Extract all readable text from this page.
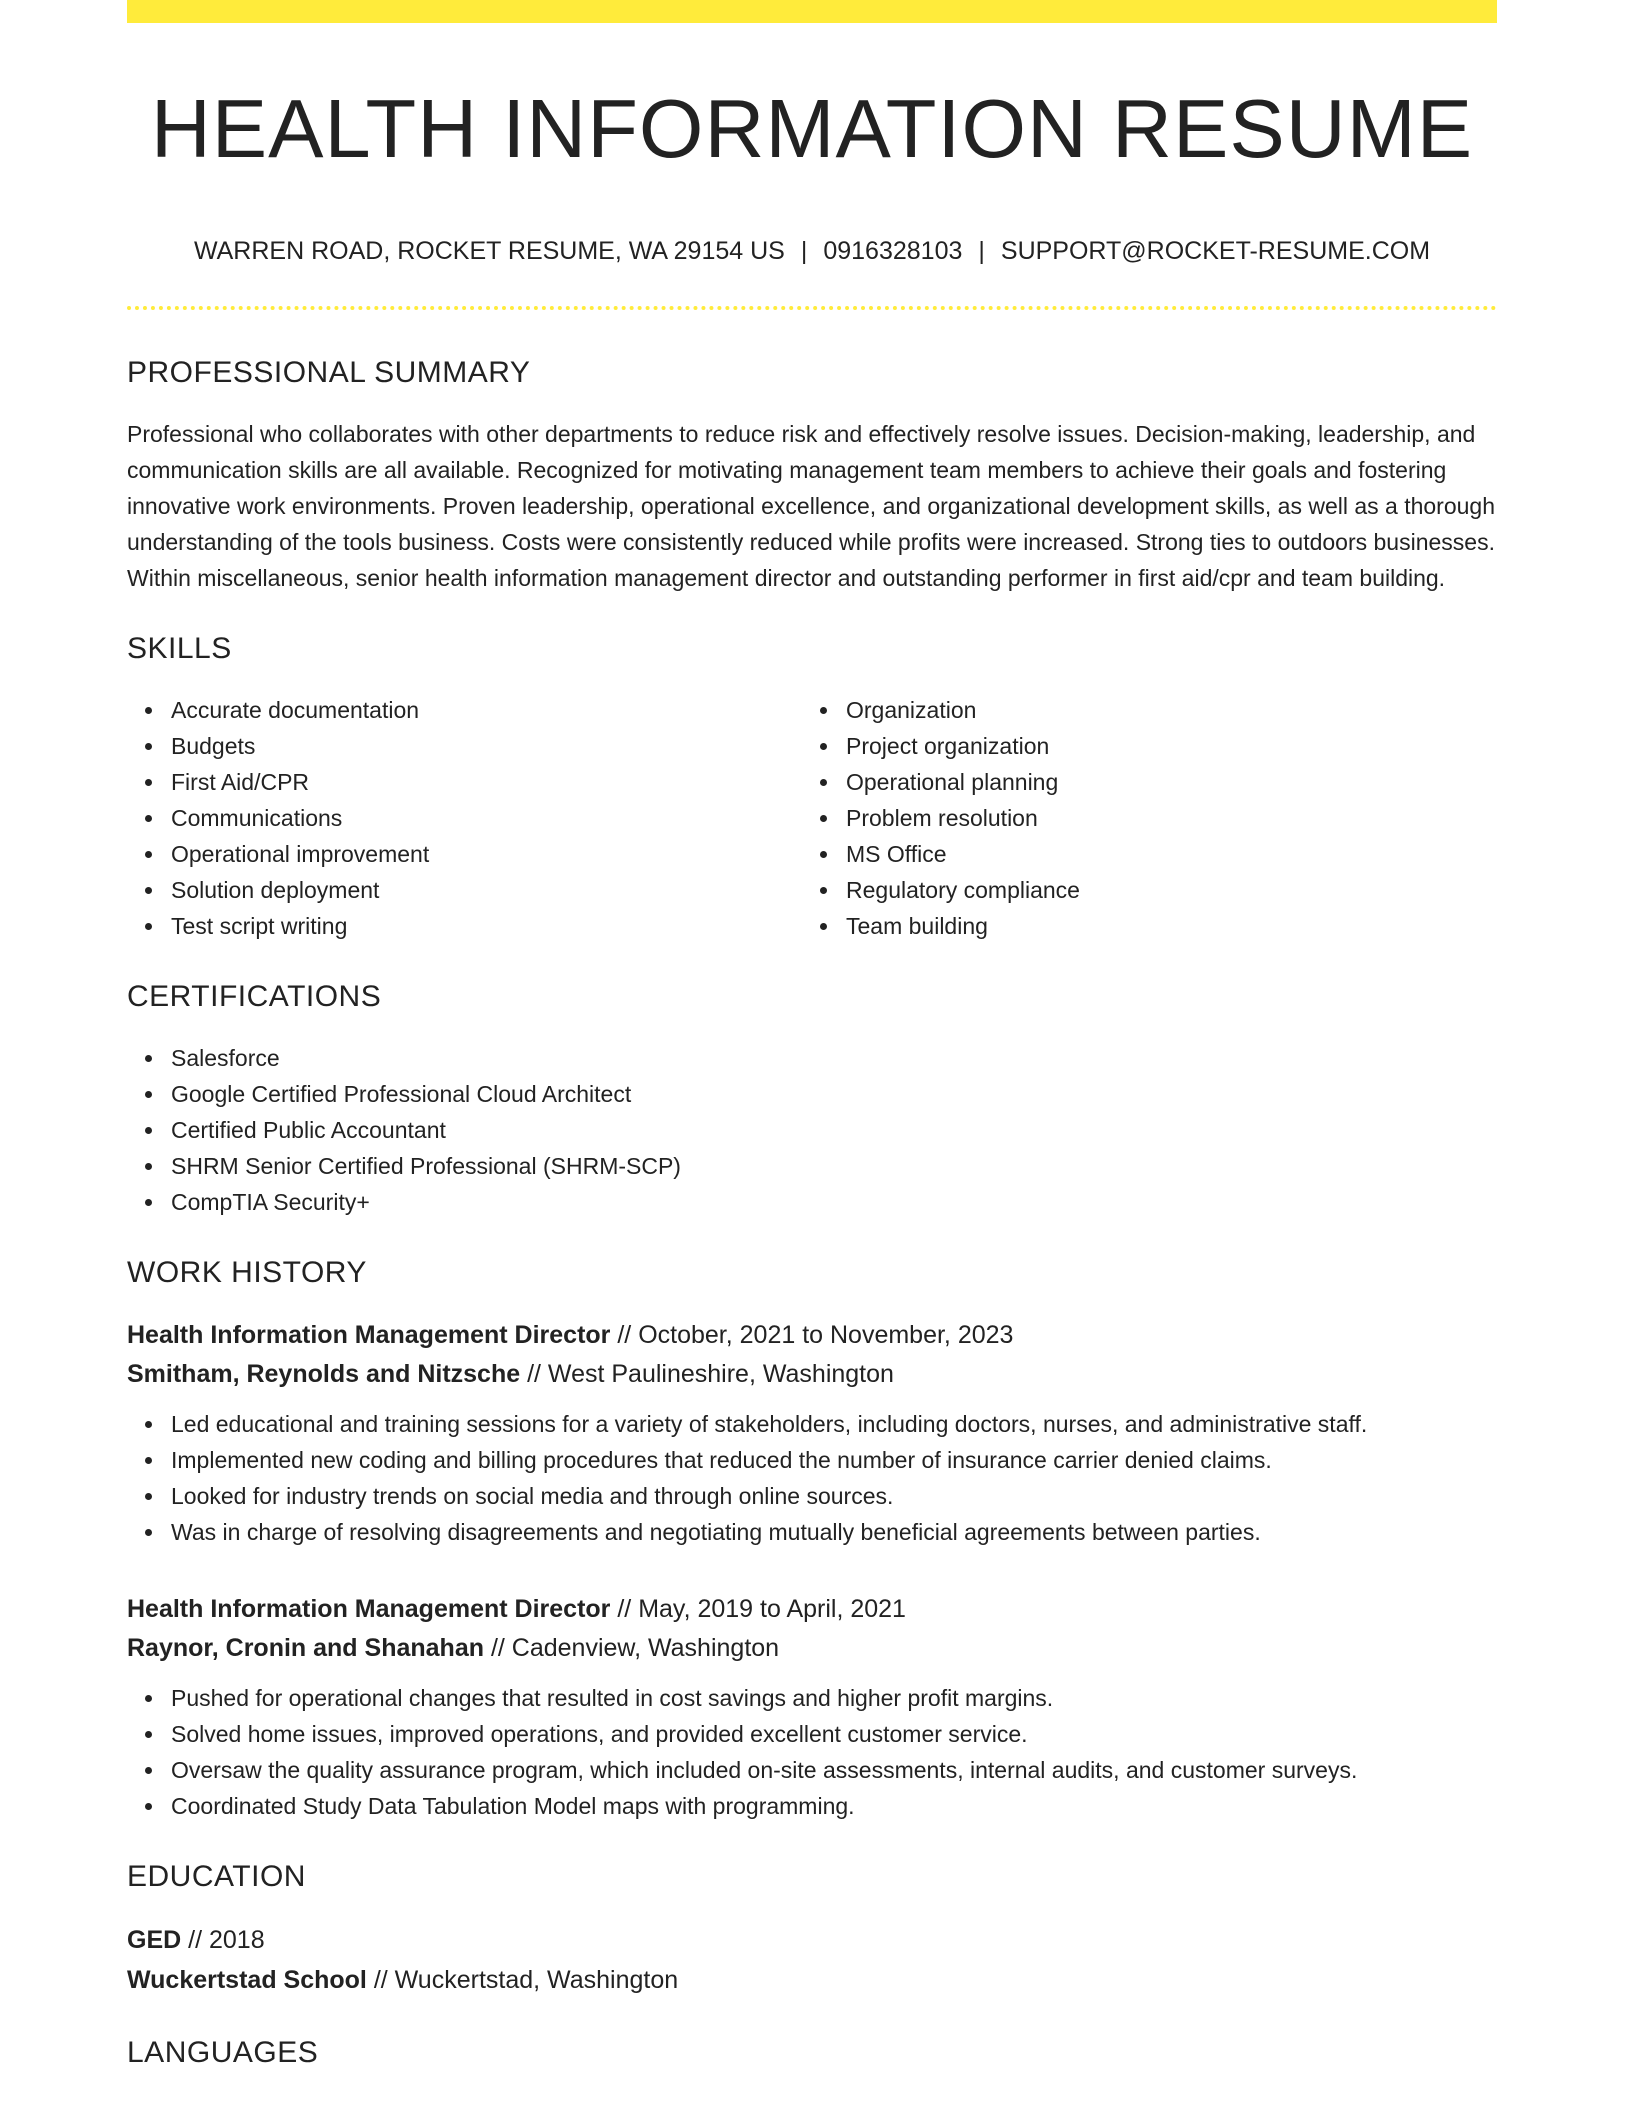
HEALTH INFORMATION RESUME
WARREN ROAD, ROCKET RESUME, WA 29154 US | 0916328103 | SUPPORT@ROCKET-RESUME.COM
PROFESSIONAL SUMMARY

Professional who collaborates with other departments to reduce risk and effectively resolve issues. Decision-making, leadership, and communication skills are all available. Recognized for motivating management team members to achieve their goals and fostering innovative work environments. Proven leadership, operational excellence, and organizational development skills, as well as a thorough understanding of the tools business. Costs were consistently reduced while profits were increased. Strong ties to outdoors businesses. Within miscellaneous, senior health information management director and outstanding performer in first aid/cpr and team building.

SKILLS
Accurate documentation
Budgets
First Aid/CPR
Communications
Operational improvement
Solution deployment
Test script writing
Organization
Project organization
Operational planning
Problem resolution
MS Office
Regulatory compliance
Team building
CERTIFICATIONS
Salesforce
Google Certified Professional Cloud Architect
Certified Public Accountant
SHRM Senior Certified Professional (SHRM-SCP)
CompTIA Security+
WORK HISTORY
Health Information Management Director // October, 2021 to November, 2023
Smitham, Reynolds and Nitzsche // West Paulineshire, Washington
Led educational and training sessions for a variety of stakeholders, including doctors, nurses, and administrative staff.
Implemented new coding and billing procedures that reduced the number of insurance carrier denied claims.
Looked for industry trends on social media and through online sources.
Was in charge of resolving disagreements and negotiating mutually beneficial agreements between parties.
Health Information Management Director // May, 2019 to April, 2021
Raynor, Cronin and Shanahan // Cadenview, Washington
Pushed for operational changes that resulted in cost savings and higher profit margins.
Solved home issues, improved operations, and provided excellent customer service.
Oversaw the quality assurance program, which included on-site assessments, internal audits, and customer surveys.
Coordinated Study Data Tabulation Model maps with programming.
EDUCATION
GED // 2018
Wuckertstad School // Wuckertstad, Washington
LANGUAGES
